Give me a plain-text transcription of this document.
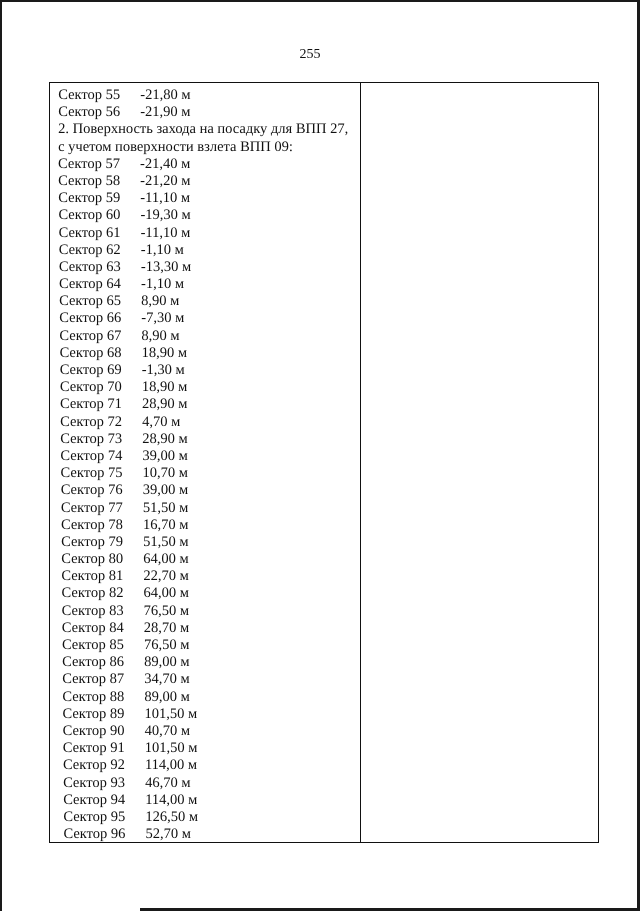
255
Сектор 55 -21,80 м
Сектор 56 -21,90 м
2. Поверхность захода на посадку для ВПП 27,
с учетом поверхности взлета ВПП 09:
Сектор 57 -21,40 м
Сектор 58 -21,20 м
Сектор 59 -11,10 м
Сектор 60 -19,30 м
Сектор 61 -11,10 м
Сектор 62 -1,10 м
Сектор 63 -13,30 м
Сектор 64 -1,10 м
Сектор 65 8,90 м
Сектор 66 -7,30 м
Сектор 67 8,90 м
Сектор 68 18,90 м
Сектор 69 -1,30 м
Сектор 70 18,90 м
Сектор 71 28,90 м
Сектор 72 4,70 м
Сектор 73 28,90 м
Сектор 74 39,00 м
Сектор 75 10,70 м
Сектор 76 39,00 м
Сектор 77 51,50 м
Сектор 78 16,70 м
Сектор 79 51,50 м
Сектор 80 64,00 м
Сектор 81 22,70 м
Сектор 82 64,00 м
Сектор 83 76,50 м
Сектор 84 28,70 м
Сектор 85 76,50 м
Сектор 86 89,00 м
Сектор 87 34,70 м
Сектор 88 89,00 м
Сектор 89 101,50 м
Сектор 90 40,70 м
Сектор 91 101,50 м
Сектор 92 114,00 м
Сектор 93 46,70 м
Сектор 94 114,00 м
Сектор 95 126,50 м
Сектор 96 52,70 м
